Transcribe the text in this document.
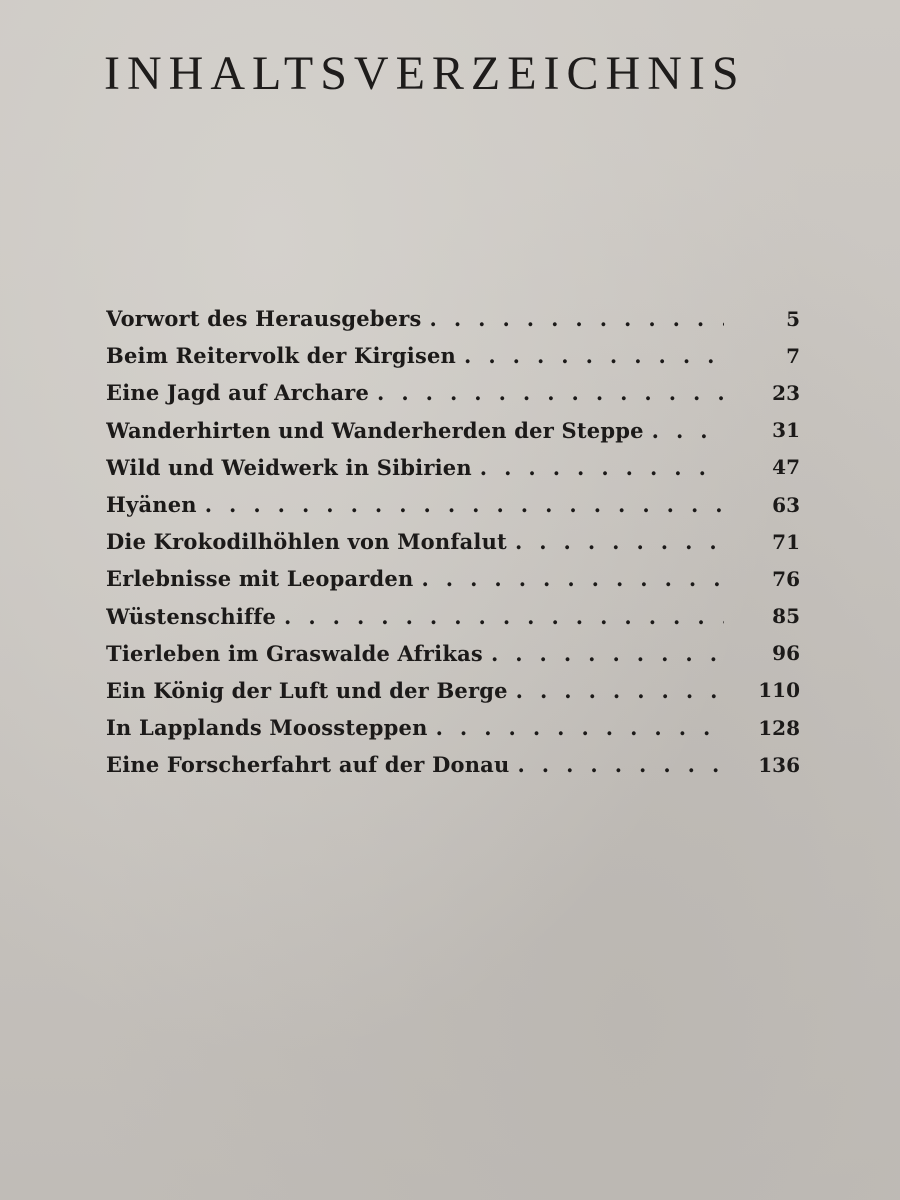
INHALTSVERZEICHNIS
Vorwort des Herausgebers .....	5
Beim Reitervolk der Kirgisen .....	7
Eine Jagd auf Archare .....	23
Wanderhirten und Wanderherden der Steppe .....	31
Wild und Weidwerk in Sibirien .....	47
Hyänen .....	63
Die Krokodilhöhlen von Monfalut .....	71
Erlebnisse mit Leoparden .....	76
Wüstenschiffe .....	85
Tierleben im Graswalde Afrikas .....	96
Ein König der Luft und der Berge .....	110
In Lapplands Moossteppen .....	128
Eine Forscherfahrt auf der Donau .....	136
